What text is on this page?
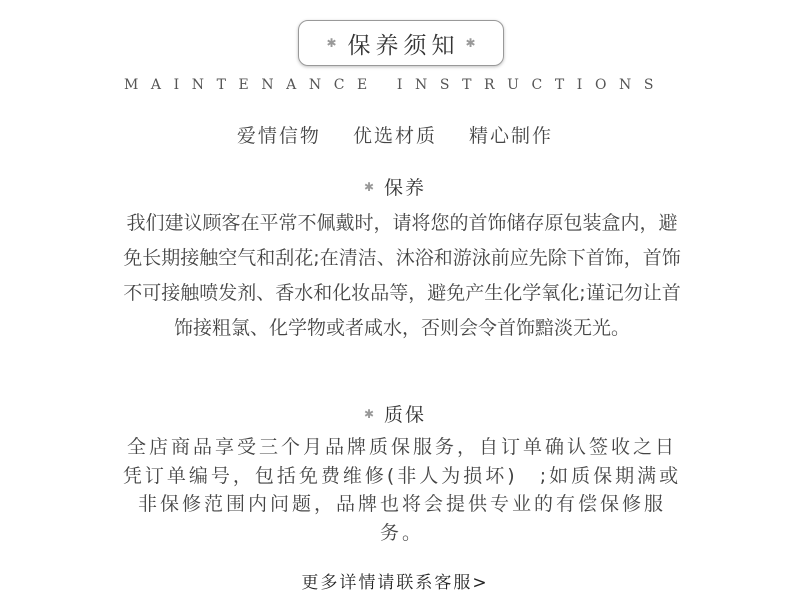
✱ 保养须知 ✱
MAINTENANCE INSTRUCTIONS
爱情信物 优选材质 精心制作
✱ 保养
我们建议顾客在平常不佩戴时，请将您的首饰储存原包装盒内，避免长期接触空气和刮花;在清洁、沐浴和游泳前应先除下首饰，首饰不可接触喷发剂、香水和化妆品等，避免产生化学氧化;谨记勿让首饰接粗氯、化学物或者咸水，否则会令首饰黯淡无光。
✱ 质保
全店商品享受三个月品牌质保服务，自订单确认签收之日凭订单编号，包括免费维修(非人为损坏)　;如质保期满或非保修范围内问题，品牌也将会提供专业的有偿保修服务。
更多详情请联系客服>
